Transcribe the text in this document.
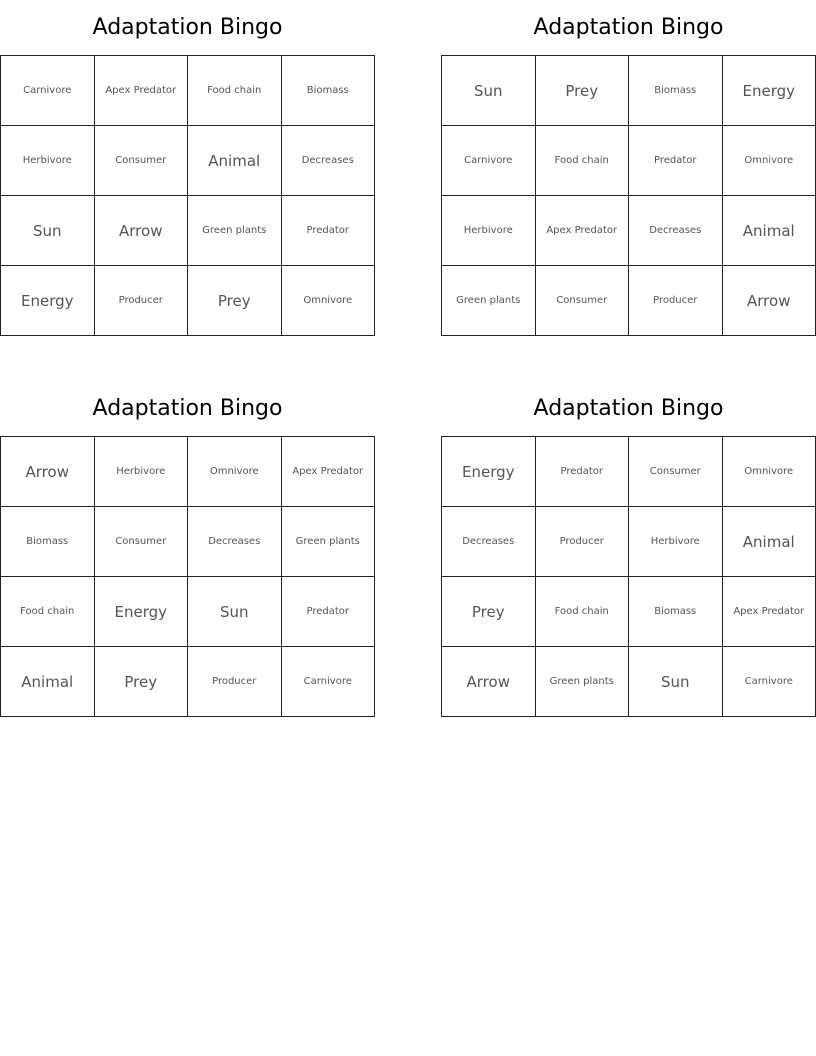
Adaptation Bingo
Carnivore	Apex Predator	Food chain	Biomass
Herbivore	Consumer	Animal	Decreases
Sun	Arrow	Green plants	Predator
Energy	Producer	Prey	Omnivore
Adaptation Bingo
Sun	Prey	Biomass	Energy
Carnivore	Food chain	Predator	Omnivore
Herbivore	Apex Predator	Decreases	Animal
Green plants	Consumer	Producer	Arrow
Adaptation Bingo
Arrow	Herbivore	Omnivore	Apex Predator
Biomass	Consumer	Decreases	Green plants
Food chain	Energy	Sun	Predator
Animal	Prey	Producer	Carnivore
Adaptation Bingo
Energy	Predator	Consumer	Omnivore
Decreases	Producer	Herbivore	Animal
Prey	Food chain	Biomass	Apex Predator
Arrow	Green plants	Sun	Carnivore
